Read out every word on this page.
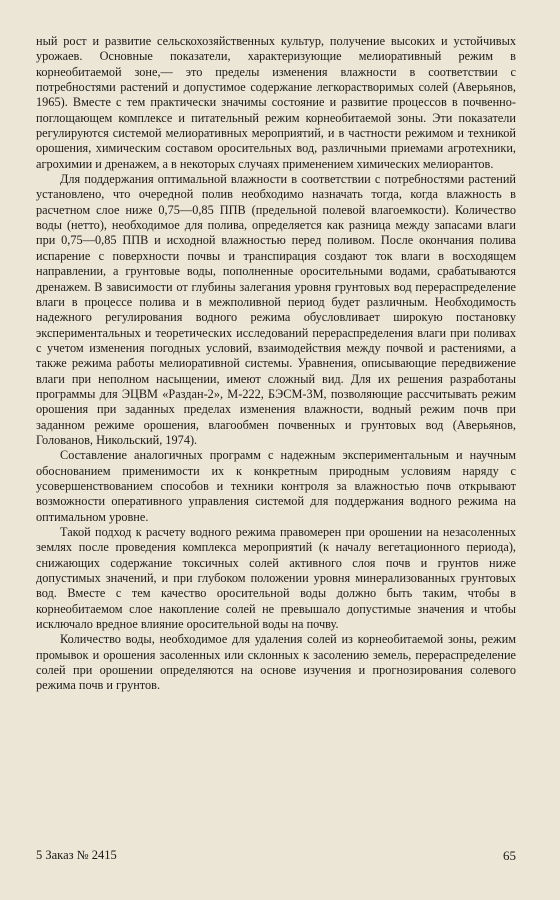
ный рост и развитие сельскохозяйственных культур, получение высоких и устойчивых урожаев. Основные показатели, характеризующие мелиоративный режим в корнеобитаемой зоне,— это пределы изменения влажности в соответствии с потребностями растений и допустимое содержание легкорастворимых солей (Аверьянов, 1965). Вместе с тем практически значимы состояние и развитие процессов в почвенно-поглощающем комплексе и питательный режим корнеобитаемой зоны. Эти показатели регулируются системой мелиоративных мероприятий, и в частности режимом и техникой орошения, химическим составом оросительных вод, различными приемами агротехники, агрохимии и дренажем, а в некоторых случаях применением химических мелиорантов.

Для поддержания оптимальной влажности в соответствии с потребностями растений установлено, что очередной полив необходимо назначать тогда, когда влажность в расчетном слое ниже 0,75—0,85 ППВ (предельной полевой влагоемкости). Количество воды (нетто), необходимое для полива, определяется как разница между запасами влаги при 0,75—0,85 ППВ и исходной влажностью перед поливом. После окончания полива испарение с поверхности почвы и транспирация создают ток влаги в восходящем направлении, а грунтовые воды, пополненные оросительными водами, срабатываются дренажем. В зависимости от глубины залегания уровня грунтовых вод перераспределение влаги в процессе полива и в межполивной период будет различным. Необходимость надежного регулирования водного режима обусловливает широкую постановку экспериментальных и теоретических исследований перераспределения влаги при поливах с учетом изменения погодных условий, взаимодействия между почвой и растениями, а также режима работы мелиоративной системы. Уравнения, описывающие передвижение влаги при неполном насыщении, имеют сложный вид. Для их решения разработаны программы для ЭЦВМ «Раздан-2», М-222, БЭСМ-3М, позволяющие рассчитывать режим орошения при заданных пределах изменения влажности, водный режим почв при заданном режиме орошения, влагообмен почвенных и грунтовых вод (Аверьянов, Голованов, Никольский, 1974).

Составление аналогичных программ с надежным экспериментальным и научным обоснованием применимости их к конкретным природным условиям наряду с усовершенствованием способов и техники контроля за влажностью почв открывают возможности оперативного управления системой для поддержания водного режима на оптимальном уровне.

Такой подход к расчету водного режима правомерен при орошении на незасоленных землях после проведения комплекса мероприятий (к началу вегетационного периода), снижающих содержание токсичных солей активного слоя почв и грунтов ниже допустимых значений, и при глубоком положении уровня минерализованных грунтовых вод. Вместе с тем качество оросительной воды должно быть таким, чтобы в корнеобитаемом слое накопление солей не превышало допустимые значения и чтобы исключало вредное влияние оросительной воды на почву.

Количество воды, необходимое для удаления солей из корнеобитаемой зоны, режим промывок и орошения засоленных или склонных к засолению земель, перераспределение солей при орошении определяются на основе изучения и прогнозирования солевого режима почв и грунтов.

5 Заказ № 2415	65
